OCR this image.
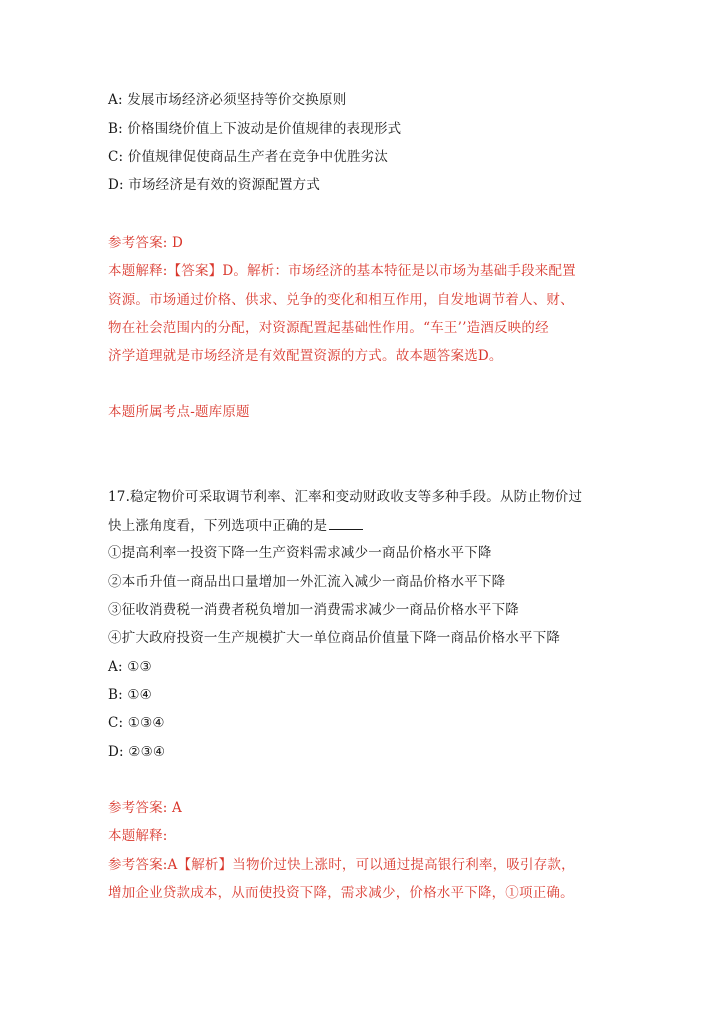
A: 发展市场经济必须坚持等价交换原则
B: 价格围绕价值上下波动是价值规律的表现形式
C: 价值规律促使商品生产者在竞争中优胜劣汰
D: 市场经济是有效的资源配置方式
参考答案: D
本题解释:【答案】D。解析：市场经济的基本特征是以市场为基础手段来配置
资源。市场通过价格、供求、兑争的变化和相互作用，自发地调节着人、财、
物在社会范围内的分配，对资源配置起基础性作用。“车王’’造酒反映的经
济学道理就是市场经济是有效配置资源的方式。故本题答案选D。
本题所属考点-题库原题
17.稳定物价可采取调节利率、汇率和变动财政收支等多种手段。从防止物价过
快上涨角度看，下列选项中正确的是
①提高利率一投资下降一生产资料需求减少一商品价格水平下降
②本币升值一商品出口量增加一外汇流入减少一商品价格水平下降
③征收消费税一消费者税负增加一消费需求减少一商品价格水平下降
④扩大政府投资一生产规模扩大一单位商品价值量下降一商品价格水平下降
A: ①③
B: ①④
C: ①③④
D: ②③④
参考答案: A
本题解释:
参考答案:A【解析】当物价过快上涨时，可以通过提高银行利率，吸引存款，
增加企业贷款成本，从而使投资下降，需求减少，价格水平下降，①项正确。
